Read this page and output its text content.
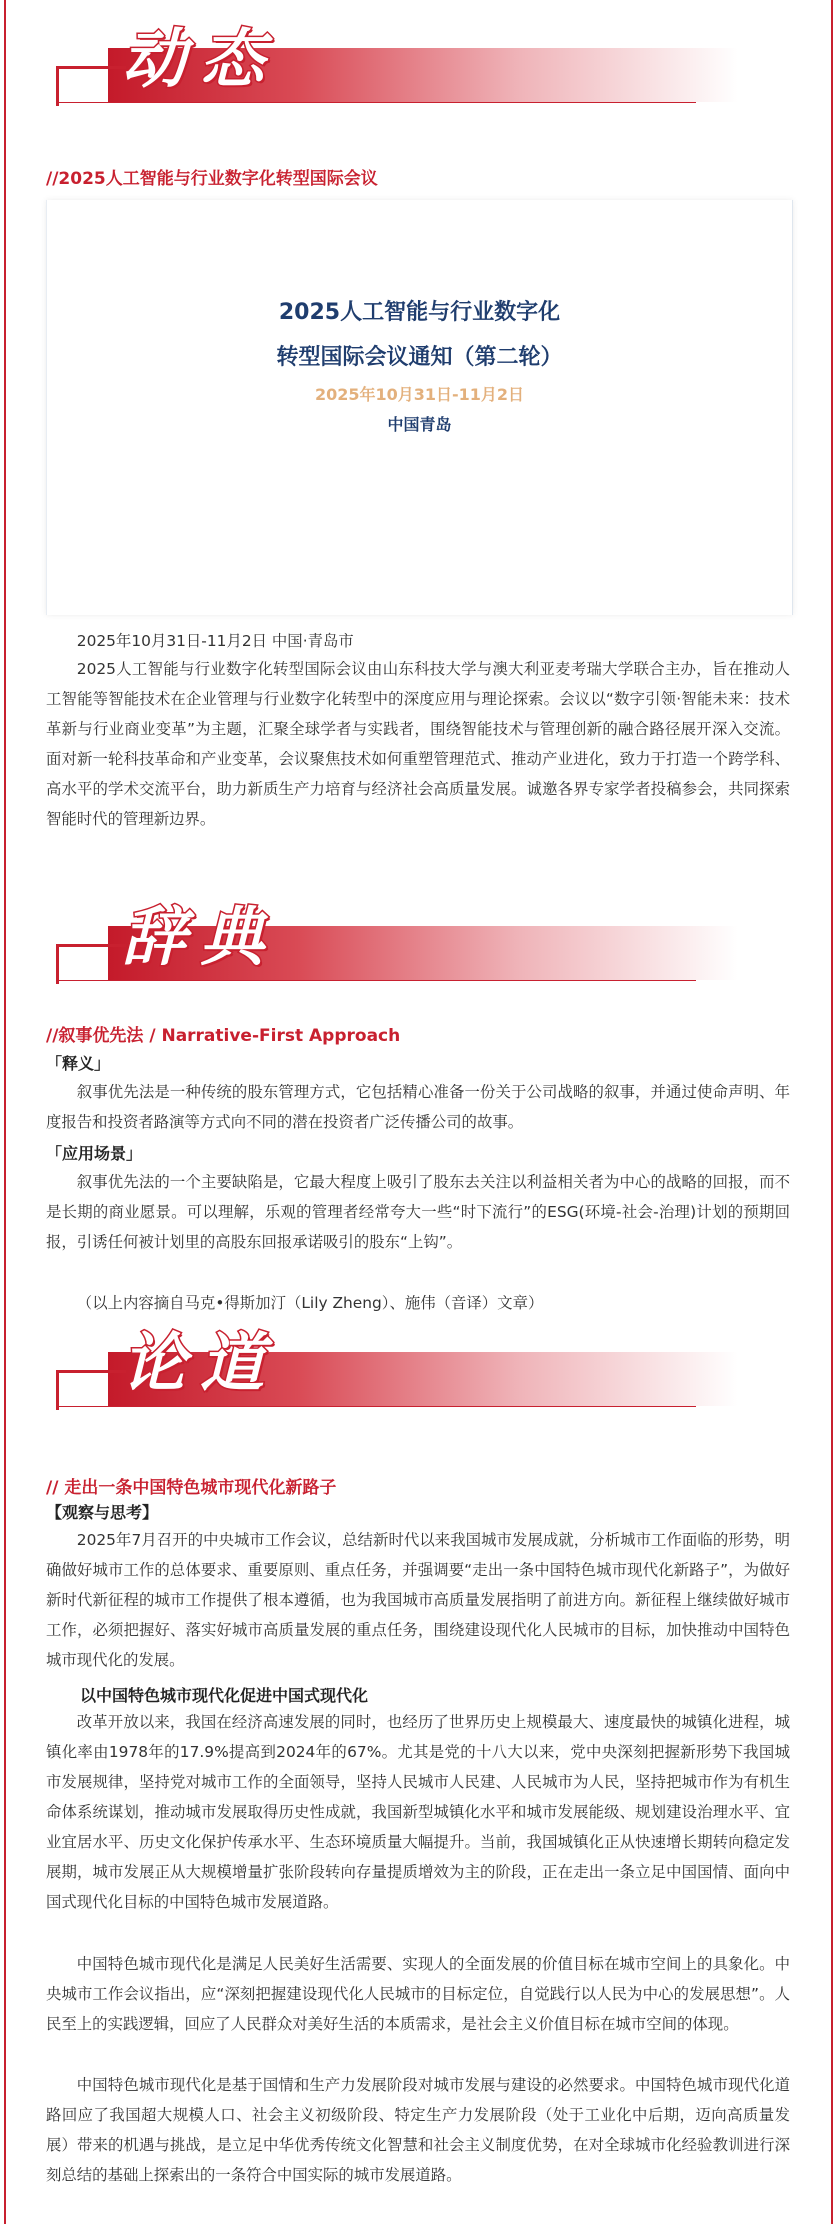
动态
//2025人工智能与行业数字化转型国际会议
2025人工智能与行业数字化
转型国际会议通知（第二轮）
2025年10月31日-11月2日
中国青岛

2025年10月31日-11月2日 中国·青岛市

2025人工智能与行业数字化转型国际会议由山东科技大学与澳大利亚麦考瑞大学联合主办，旨在推动人工智能等智能技术在企业管理与行业数字化转型中的深度应用与理论探索。会议以“数字引领·智能未来：技术革新与行业商业变革”为主题，汇聚全球学者与实践者，围绕智能技术与管理创新的融合路径展开深入交流。面对新一轮科技革命和产业变革，会议聚焦技术如何重塑管理范式、推动产业进化，致力于打造一个跨学科、高水平的学术交流平台，助力新质生产力培育与经济社会高质量发展。诚邀各界专家学者投稿参会，共同探索智能时代的管理新边界。

辞典
//叙事优先法 / Narrative-First Approach
「释义」

叙事优先法是一种传统的股东管理方式，它包括精心准备一份关于公司战略的叙事，并通过使命声明、年度报告和投资者路演等方式向不同的潜在投资者广泛传播公司的故事。

「应用场景」

叙事优先法的一个主要缺陷是，它最大程度上吸引了股东去关注以利益相关者为中心的战略的回报，而不是长期的商业愿景。可以理解，乐观的管理者经常夸大一些“时下流行”的ESG(环境-社会-治理)计划的预期回报，引诱任何被计划里的高股东回报承诺吸引的股东“上钩”。

（以上内容摘自马克•得斯加汀（Lily Zheng）、施伟（音译）文章）

论道
// 走出一条中国特色城市现代化新路子
【观察与思考】

2025年7月召开的中央城市工作会议，总结新时代以来我国城市发展成就，分析城市工作面临的形势，明确做好城市工作的总体要求、重要原则、重点任务，并强调要“走出一条中国特色城市现代化新路子”，为做好新时代新征程的城市工作提供了根本遵循，也为我国城市高质量发展指明了前进方向。新征程上继续做好城市工作，必须把握好、落实好城市高质量发展的重点任务，围绕建设现代化人民城市的目标，加快推动中国特色城市现代化的发展。

以中国特色城市现代化促进中国式现代化

改革开放以来，我国在经济高速发展的同时，也经历了世界历史上规模最大、速度最快的城镇化进程，城镇化率由1978年的17.9%提高到2024年的67%。尤其是党的十八大以来，党中央深刻把握新形势下我国城市发展规律，坚持党对城市工作的全面领导，坚持人民城市人民建、人民城市为人民，坚持把城市作为有机生命体系统谋划，推动城市发展取得历史性成就，我国新型城镇化水平和城市发展能级、规划建设治理水平、宜业宜居水平、历史文化保护传承水平、生态环境质量大幅提升。当前，我国城镇化正从快速增长期转向稳定发展期，城市发展正从大规模增量扩张阶段转向存量提质增效为主的阶段，正在走出一条立足中国国情、面向中国式现代化目标的中国特色城市发展道路。

中国特色城市现代化是满足人民美好生活需要、实现人的全面发展的价值目标在城市空间上的具象化。中央城市工作会议指出，应“深刻把握建设现代化人民城市的目标定位，自觉践行以人民为中心的发展思想”。人民至上的实践逻辑，回应了人民群众对美好生活的本质需求，是社会主义价值目标在城市空间的体现。

中国特色城市现代化是基于国情和生产力发展阶段对城市发展与建设的必然要求。中国特色城市现代化道路回应了我国超大规模人口、社会主义初级阶段、特定生产力发展阶段（处于工业化中后期，迈向高质量发展）带来的机遇与挑战，是立足中华优秀传统文化智慧和社会主义制度优势，在对全球城市化经验教训进行深刻总结的基础上探索出的一条符合中国实际的城市发展道路。
